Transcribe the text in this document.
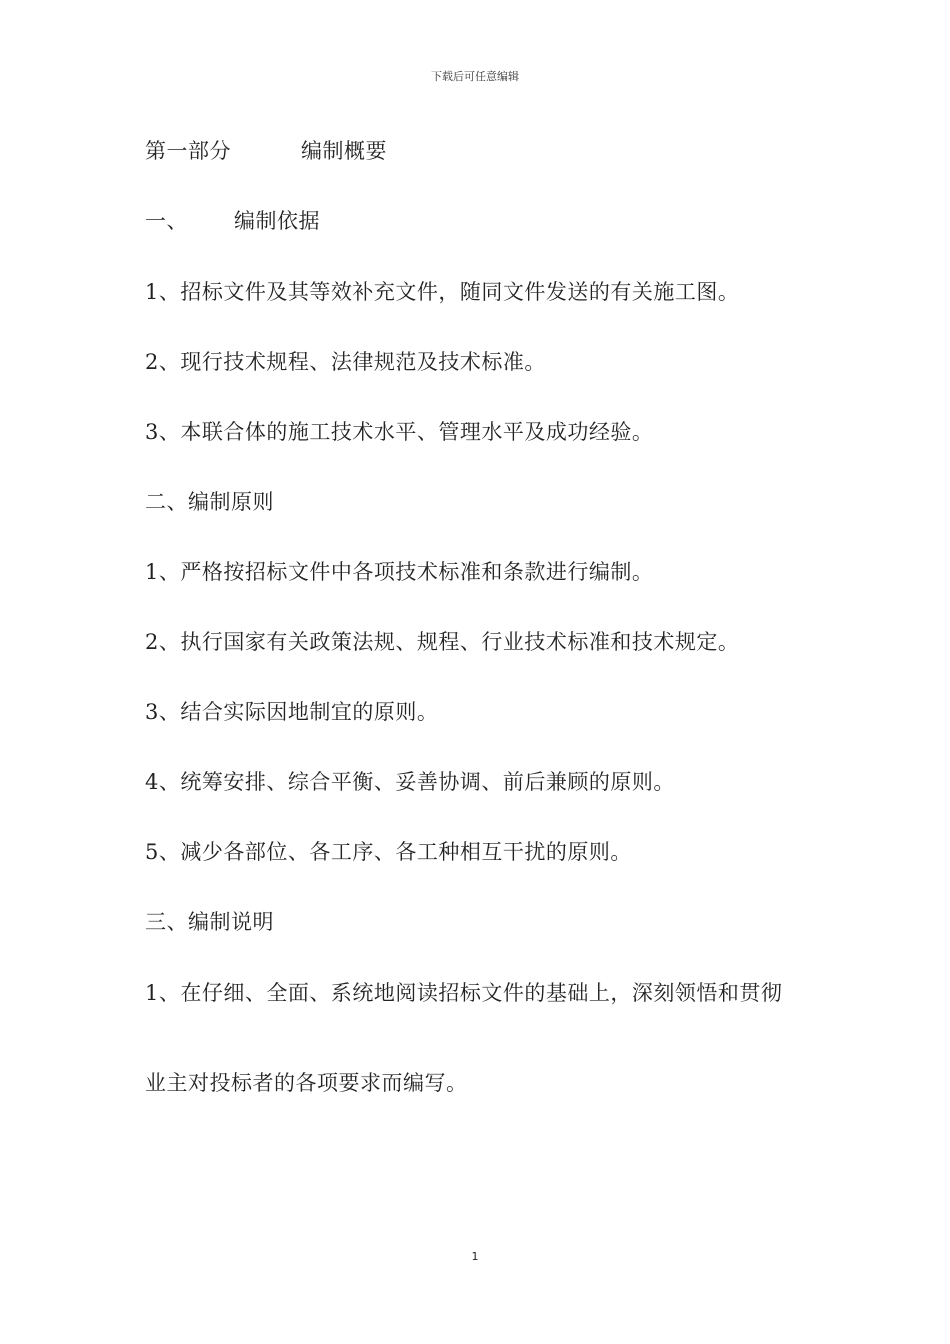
下载后可任意编辑
第一部分	编制概要
一、 编制依据
1、招标文件及其等效补充文件，随同文件发送的有关施工图。
2、现行技术规程、法律规范及技术标准。
3、本联合体的施工技术水平、管理水平及成功经验。
二、编制原则
1、严格按招标文件中各项技术标准和条款进行编制。
2、执行国家有关政策法规、规程、行业技术标准和技术规定。
3、结合实际因地制宜的原则。
4、统筹安排、综合平衡、妥善协调、前后兼顾的原则。
5、减少各部位、各工序、各工种相互干扰的原则。
三、编制说明
1、在仔细、全面、系统地阅读招标文件的基础上，深刻领悟和贯彻
业主对投标者的各项要求而编写。
1
